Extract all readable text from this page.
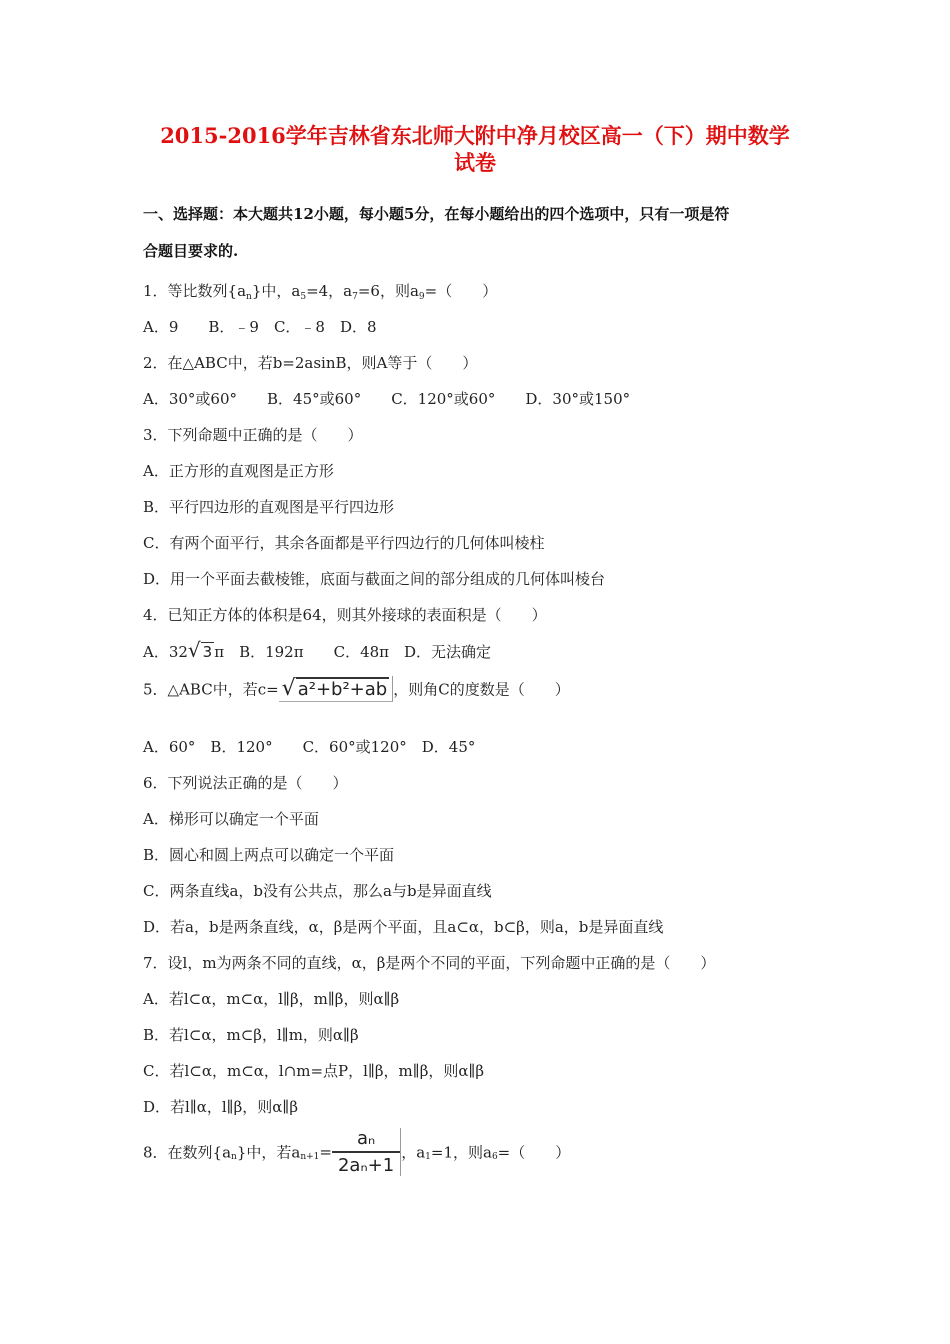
2015-2016学年吉林省东北师大附中净月校区高一（下）期中数学
试卷
一、选择题：本大题共12小题，每小题5分，在每小题给出的四个选项中，只有一项是符
合题目要求的.
1．等比数列$\{a_n\}$中，$a_5=4$，$a_7=6$，则$a_9=$（　　）
A．9　　B．﹣9　C．﹣8　D．8
2．在△ABC中，若b=2asinB，则A等于（　　）
A．30°或60°　　B．45°或60°　　C．120°或60°　　D．30°或150°
3．下列命题中正确的是（　　）
A．正方形的直观图是正方形
B．平行四边形的直观图是平行四边形
C．有两个面平行，其余各面都是平行四边行的几何体叫棱柱
D．用一个平面去截棱锥，底面与截面之间的部分组成的几何体叫棱台
4．已知正方体的体积是64，则其外接球的表面积是（　　）
A．32√ 3 π　B．192π　　C．48π　D．无法确定
5．△ABC中，若c= √ a²+b²+ab ，则角C的度数是（　　）
A．60°　B．120°　　C．60°或120°　D．45°
6．下列说法正确的是（　　）
A．梯形可以确定一个平面
B．圆心和圆上两点可以确定一个平面
C．两条直线a，b没有公共点，那么a与b是异面直线
D．若a，b是两条直线，α，β是两个平面，且a⊂α，b⊂β，则a，b是异面直线
7．设l，m为两条不同的直线，α，β是两个不同的平面，下列命题中正确的是（　　）
A．若l⊂α，m⊂α，l∥β，m∥β，则α∥β
B．若l⊂α，m⊂β，l∥m，则α∥β
C．若l⊂α，m⊂α，l∩m=点P，l∥β，m∥β，则α∥β
D．若l∥α，l∥β，则α∥β
8．在数列$\{a_n\}$中，若$a_{n+1}= \frac{\text{aₙ}}{\text{2aₙ+1}}$ ，$a_1=1$，则$a_6=$（　　）
